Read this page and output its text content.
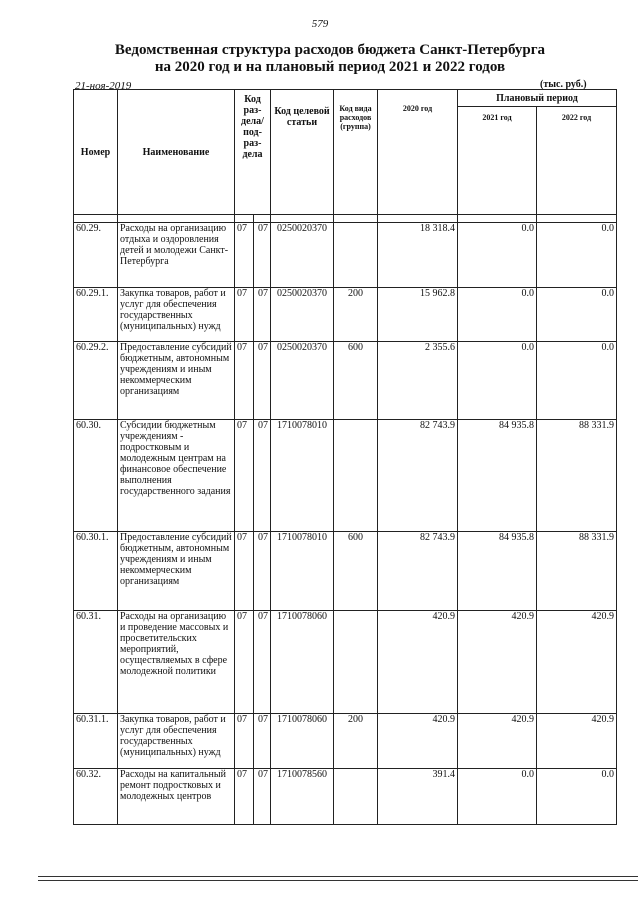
579
Ведомственная структура расходов бюджета Санкт-Петербурга
на 2020 год и на плановый период 2021 и 2022 годов
21-ноя-2019	(тыс. руб.)
Номер	Наименование	Код раз-дела/ под-раз-дела		Код целевой статьи	Код вида расходов (группа)	2020 год	Плановый период	
							2021 год	2022 год

60.29.	Расходы на организацию отдыха и оздоровления детей и молодежи Санкт-Петербурга	07	07	0250020370		18 318.4	0.0	0.0
60.29.1.	Закупка товаров, работ и услуг для обеспечения государственных (муниципальных) нужд	07	07	0250020370	200	15 962.8	0.0	0.0
60.29.2.	Предоставление субсидий бюджетным, автономным учреждениям и иным некоммерческим организациям	07	07	0250020370	600	2 355.6	0.0	0.0
60.30.	Субсидии бюджетным учреждениям - подростковым и молодежным центрам на финансовое обеспечение выполнения государственного задания	07	07	1710078010		82 743.9	84 935.8	88 331.9
60.30.1.	Предоставление субсидий бюджетным, автономным учреждениям и иным некоммерческим организациям	07	07	1710078010	600	82 743.9	84 935.8	88 331.9
60.31.	Расходы на организацию и проведение массовых и просветительских мероприятий, осуществляемых в сфере молодежной политики	07	07	1710078060		420.9	420.9	420.9
60.31.1.	Закупка товаров, работ и услуг для обеспечения государственных (муниципальных) нужд	07	07	1710078060	200	420.9	420.9	420.9
60.32.	Расходы на капитальный ремонт подростковых и молодежных центров	07	07	1710078560		391.4	0.0	0.0
